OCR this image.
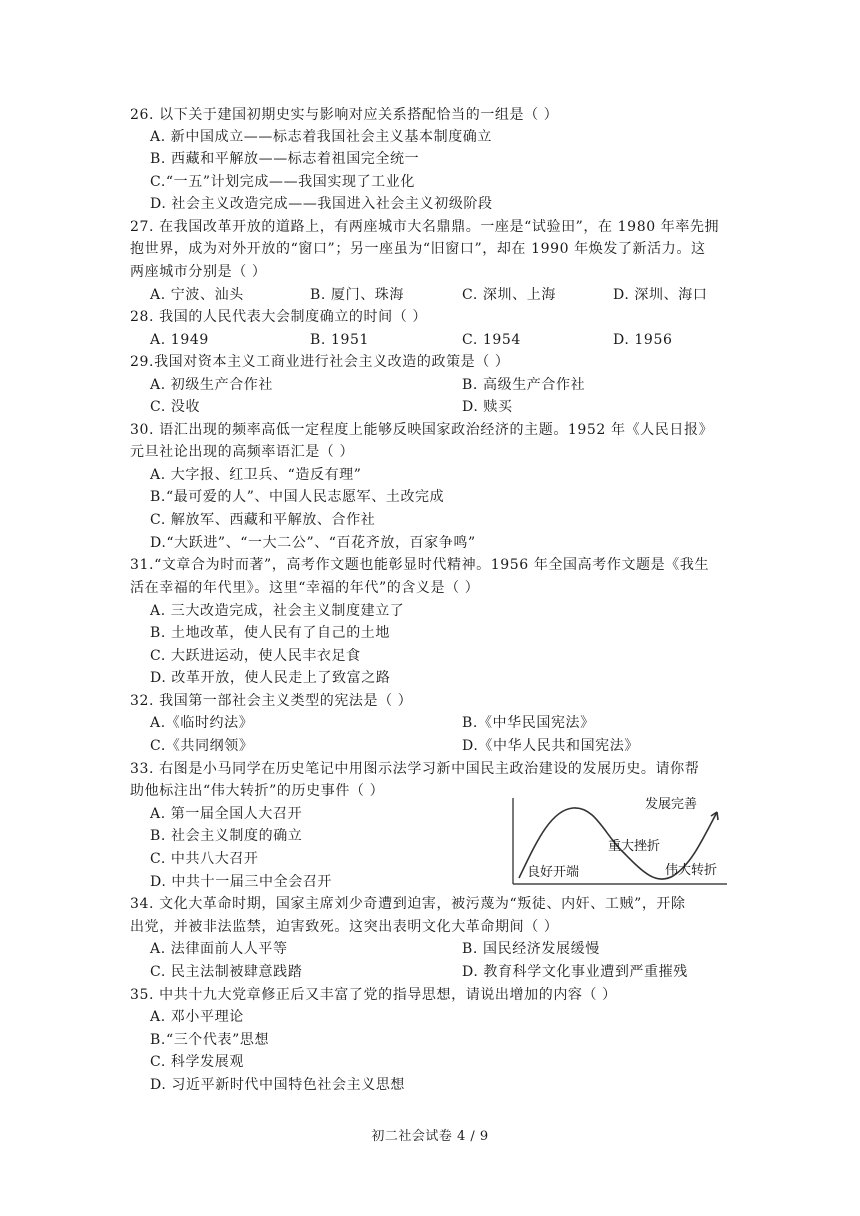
26. 以下关于建国初期史实与影响对应关系搭配恰当的一组是（ ）
A. 新中国成立——标志着我国社会主义基本制度确立
B. 西藏和平解放——标志着祖国完全统一
C.“一五”计划完成——我国实现了工业化
D. 社会主义改造完成——我国进入社会主义初级阶段
27. 在我国改革开放的道路上，有两座城市大名鼎鼎。一座是“试验田”，在 1980 年率先拥
抱世界，成为对外开放的“窗口”；另一座虽为“旧窗口”，却在 1990 年焕发了新活力。这
两座城市分别是（ ）
A. 宁波、汕头	B. 厦门、珠海	C. 深圳、上海	D. 深圳、海口
28. 我国的人民代表大会制度确立的时间（ ）
A. 1949	B. 1951	C. 1954	D. 1956
29.我国对资本主义工商业进行社会主义改造的政策是（ ）
A. 初级生产合作社	B. 高级生产合作社
C. 没收	D. 赎买
30. 语汇出现的频率高低一定程度上能够反映国家政治经济的主题。1952 年《人民日报》
元旦社论出现的高频率语汇是（ ）
A. 大字报、红卫兵、“造反有理”
B.“最可爱的人”、中国人民志愿军、土改完成
C. 解放军、西藏和平解放、合作社
D.“大跃进”、“一大二公”、“百花齐放，百家争鸣”
31.“文章合为时而著”，高考作文题也能彰显时代精神。1956 年全国高考作文题是《我生
活在幸福的年代里》。这里“幸福的年代”的含义是（ ）
A. 三大改造完成，社会主义制度建立了
B. 土地改革，使人民有了自己的土地
C. 大跃进运动，使人民丰衣足食
D. 改革开放，使人民走上了致富之路
32. 我国第一部社会主义类型的宪法是（ ）
A.《临时约法》	B.《中华民国宪法》
C.《共同纲领》	D.《中华人民共和国宪法》
33. 右图是小马同学在历史笔记中用图示法学习新中国民主政治建设的发展历史。请你帮
助他标注出“伟大转折”的历史事件（ ）
A. 第一届全国人大召开
B. 社会主义制度的确立
C. 中共八大召开
D. 中共十一届三中全会召开
发展完善
重大挫折
良好开端	伟大转折
34. 文化大革命时期，国家主席刘少奇遭到迫害，被污蔑为“叛徒、内奸、工贼”，开除
出党，并被非法监禁，迫害致死。这突出表明文化大革命期间（ ）
A. 法律面前人人平等	B. 国民经济发展缓慢
C. 民主法制被肆意践踏	D. 教育科学文化事业遭到严重摧残
35. 中共十九大党章修正后又丰富了党的指导思想，请说出增加的内容（ ）
A. 邓小平理论
B.“三个代表”思想
C. 科学发展观
D. 习近平新时代中国特色社会主义思想
初二社会试卷 4 / 9
